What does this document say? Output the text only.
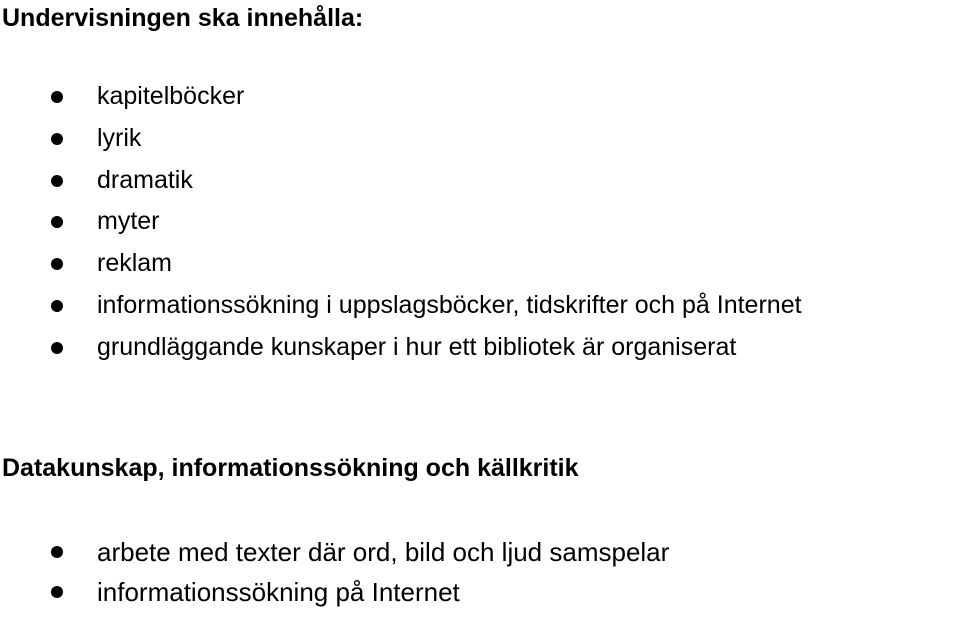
Undervisningen ska innehålla:
kapitelböcker
lyrik
dramatik
myter
reklam
informationssökning i uppslagsböcker, tidskrifter och på Internet
grundläggande kunskaper i hur ett bibliotek är organiserat
Datakunskap, informationssökning och källkritik
arbete med texter där ord, bild och ljud samspelar
informationssökning på Internet
